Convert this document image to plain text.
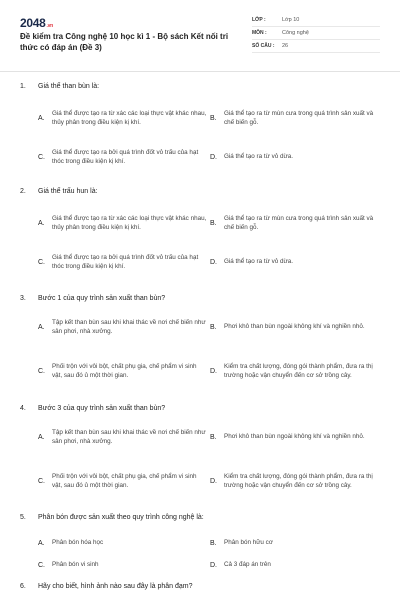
2048.vn
Đề kiểm tra Công nghệ 10 học kì 1 - Bộ sách Kết nối tri thức có đáp án (Đề 3)
LỚP :	Lớp 10
MÔN :	Công nghệ
SỐ CÂU :	26
1.	Giá thể than bùn là:
A.
Giá thể được tạo ra từ xác các loại thực vật khác nhau, thủy phân trong điều kiện kị khí.
B.
Giá thể tạo ra từ mùn cưa trong quá trình sản xuất và chế biến gỗ.
C.
Giá thể được tạo ra bởi quá trình đốt vỏ trấu của hạt thóc trong điều kiện kị khí.
D.	Giá thể tạo ra từ vỏ dừa.
2.	Giá thể trấu hun là:
A.
Giá thể được tạo ra từ xác các loại thực vật khác nhau, thủy phân trong điều kiện kị khí.
B.
Giá thể tạo ra từ mùn cưa trong quá trình sản xuất và chế biến gỗ.
C.
Giá thể được tạo ra bởi quá trình đốt vỏ trấu của hạt thóc trong điều kiện kị khí.
D.	Giá thể tạo ra từ vỏ dừa.
3.	Bước 1 của quy trình sản xuất than bùn?
A.
Tập kết than bùn sau khi khai thác về nơi chế biến như sân phơi, nhà xưởng.
B.	Phơi khô than bùn ngoài không khí và nghiền nhỏ.
C.
Phối trộn với vôi bột, chất phụ gia, chế phẩm vi sinh vật, sau đó ủ một thời gian.
D.
Kiểm tra chất lượng, đóng gói thành phẩm, đưa ra thị trường hoặc vận chuyển đến cơ sở trồng cây.
4.	Bước 3 của quy trình sản xuất than bùn?
A.
Tập kết than bùn sau khi khai thác về nơi chế biến như sân phơi, nhà xưởng.
B.	Phơi khô than bùn ngoài không khí và nghiền nhỏ.
C.
Phối trộn với vôi bột, chất phụ gia, chế phẩm vi sinh vật, sau đó ủ một thời gian.
D.
Kiểm tra chất lượng, đóng gói thành phẩm, đưa ra thị trường hoặc vận chuyển đến cơ sở trồng cây.
5.	Phân bón được sản xuất theo quy trình công nghệ là:
A.	Phân bón hóa học	B.	Phân bón hữu cơ
C.	Phân bón vi sinh	D.	Cả 3 đáp án trên
6.	Hãy cho biết, hình ảnh nào sau đây là phân đạm?
